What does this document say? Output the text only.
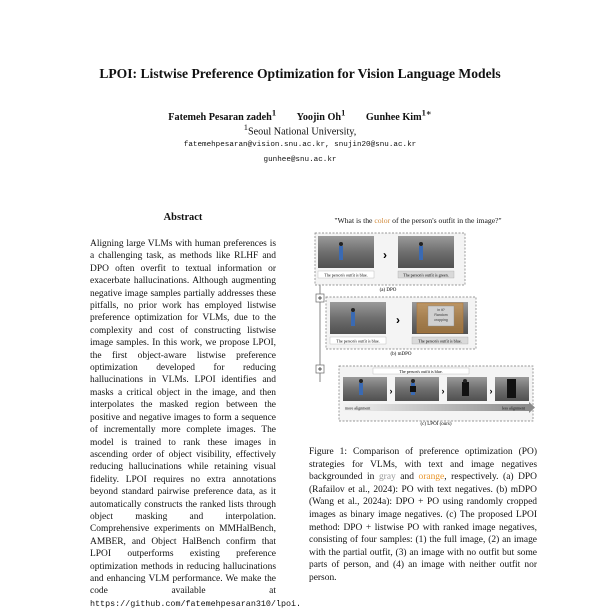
LPOI: Listwise Preference Optimization for Vision Language Models
Fatemeh Pesaran zadeh$^1$ Yoojin Oh$^1$ Gunhee Kim$^{1∗}$
$^1$Seoul National University,
fatemehpesaran@vision.snu.ac.kr, snujin20@snu.ac.kr
gunhee@snu.ac.kr
Abstract
Aligning large VLMs with human preferences is a challenging task, as methods like RLHF and DPO often overfit to textual information or exacerbate hallucinations. Although augmenting negative image samples partially addresses these pitfalls, no prior work has employed listwise preference optimization for VLMs, due to the complexity and cost of constructing listwise image samples. In this work, we propose LPOI, the first object-aware listwise preference optimization developed for reducing hallucinations in VLMs. LPOI identifies and masks a critical object in the image, and then interpolates the masked region between the positive and negative images to form a sequence of incrementally more complete images. The model is trained to rank these images in ascending order of object visibility, effectively reducing hallucinations while retaining visual fidelity. LPOI requires no extra annotations beyond standard pairwise preference data, as it automatically constructs the ranked lists through object masking and interpolation. Comprehensive experiments on MMHalBench, AMBER, and Object HalBench confirm that LPOI outperforms existing preference optimization methods in reducing hallucinations and enhancing VLM performance. We make the code available at https://github.com/fatemehpesaran310/lpoi.
"What is the color of the person's outfit in the image?"
The person's outfit is blue.
›
The person's outfit is green.
(a) DPO
The person's outfit is blue.
›
in it?
Random
cropping
The person's outfit is blue.
(b) mDPO
The person's outfit is blue.
›	›	›
more alignment	less alignment
(c) LPOI (ours)
Figure 1: Comparison of preference optimization (PO) strategies for VLMs, with text and image negatives backgrounded in gray and orange, respectively. (a) DPO (Rafailov et al., 2024): PO with text negatives. (b) mDPO (Wang et al., 2024a): DPO + PO using randomly cropped images as binary image negatives. (c) The proposed LPOI method: DPO + listwise PO with ranked image negatives, consisting of four samples: (1) the full image, (2) an image with the partial outfit, (3) an image with no outfit but some parts of person, and (4) an image with neither outfit nor person.
